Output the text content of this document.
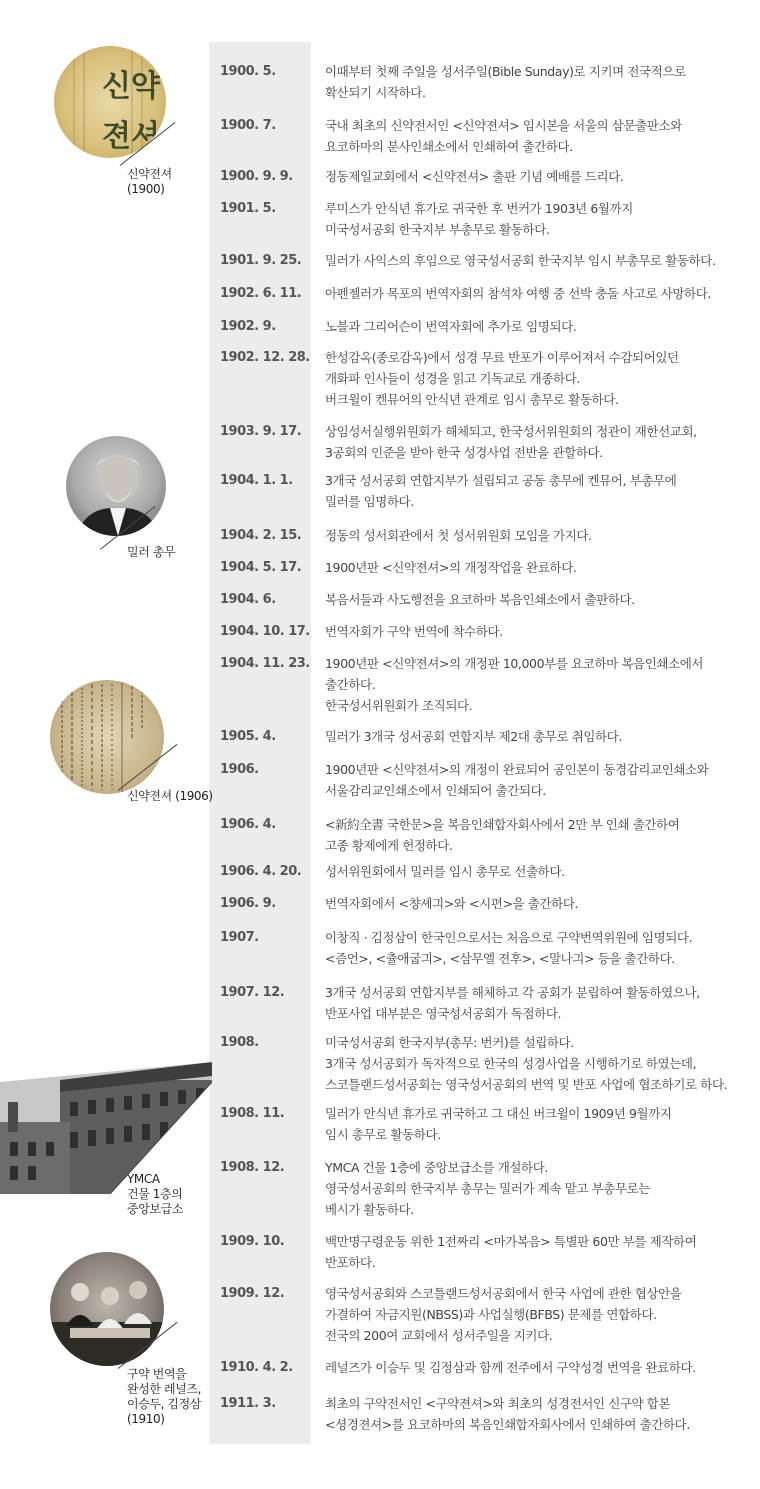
1900. 5.	이때부터 첫째 주일을 성서주일(Bible Sunday)로 지키며 전국적으로
확산되기 시작하다.
1900. 7.	국내 최초의 신약전서인 <신약젼셔> 임시본을 서울의 삼문출판소와
요코하마의 분사인쇄소에서 인쇄하여 출간하다.
1900. 9. 9.	정동제일교회에서 <신약젼셔> 출판 기념 예배를 드리다.
1901. 5.	루미스가 안식년 휴가로 귀국한 후 번커가 1903년 6월까지
미국성서공회 한국지부 부총무로 활동하다.
1901. 9. 25. 밀러가 사익스의 후임으로 영국성서공회 한국지부 임시 부총무로 활동하다.
1902. 6. 11. 아펜젤러가 목포의 번역자회의 참석차 여행 중 선박 충돌 사고로 사망하다.
1902. 9.	노블과 그리어슨이 번역자회에 추가로 임명되다.
1902. 12. 28. 한성감옥(종로감옥)에서 성경 무료 반포가 이루어져서 수감되어있던
개화파 인사들이 성경을 읽고 기독교로 개종하다.
버크윌이 켄뮤어의 안식년 관계로 임시 총무로 활동하다.
1903. 9. 17. 상임성서실행위원회가 해체되고, 한국성서위원회의 정관이 재한선교회,
3공회의 인준을 받아 한국 성경사업 전반을 관할하다.
1904. 1. 1.	3개국 성서공회 연합지부가 설립되고 공동 총무에 켄뮤어, 부총무에
밀러를 임명하다.
1904. 2. 15. 정동의 성서회관에서 첫 성서위원회 모임을 가지다.
1904. 5. 17. 1900년판 <신약젼셔>의 개정작업을 완료하다.
1904. 6.	복음서들과 사도행전을 요코하마 복음인쇄소에서 출판하다.
1904. 10. 17. 번역자회가 구약 번역에 착수하다.
1904. 11. 23. 1900년판 <신약젼셔>의 개정판 10,000부를 요코하마 복음인쇄소에서
출간하다.
한국성서위원회가 조직되다.
1905. 4.	밀러가 3개국 성서공회 연합지부 제2대 총무로 취임하다.
1906.	1900년판 <신약젼셔>의 개정이 완료되어 공인본이 동경감리교인쇄소와
서울감리교인쇄소에서 인쇄되어 출간되다.
1906. 4.	<新約全書 국한문>을 복음인쇄합자회사에서 2만 부 인쇄 출간하여
고종 황제에게 헌정하다.
1906. 4. 20. 성서위원회에서 밀러를 임시 총무로 선출하다.
1906. 9.	번역자회에서 <챵셰긔>와 <시편>을 출간하다.
1907.	이창직 · 김정삼이 한국인으로서는 처음으로 구약번역위원에 임명되다.
<즘언>, <츌애굽긔>, <삼무엘 젼후>, <말나긔> 등을 출간하다.
1907. 12.	3개국 성서공회 연합지부를 해체하고 각 공회가 분립하여 활동하였으나,
반포사업 대부분은 영국성서공회가 독점하다.
1908.	미국성서공회 한국지부(총무: 번커)를 설립하다.
3개국 성서공회가 독자적으로 한국의 성경사업을 시행하기로 하였는데,
스코틀랜드성서공회는 영국성서공회의 번역 및 반포 사업에 협조하기로 하다.
1908. 11.	밀러가 안식년 휴가로 귀국하고 그 대신 버크윌이 1909년 9월까지
임시 총무로 활동하다.
1908. 12.	YMCA 건물 1층에 중앙보급소를 개설하다.
영국성서공회의 한국지부 총무는 밀러가 계속 맡고 부총무로는
베시가 활동하다.
1909. 10.	백만명구령운동 위한 1전짜리 <마가복음> 특별판 60만 부를 제작하여
반포하다.
1909. 12.	영국성서공회와 스코틀랜드성서공회에서 한국 사업에 관한 협상안을
가결하여 자금지원(NBSS)과 사업실행(BFBS) 문제를 연합하다.
전국의 200여 교회에서 성서주일을 지키다.
1910. 4. 2.	레널즈가 이승두 및 김정삼과 함께 전주에서 구약성경 번역을 완료하다.
1911. 3.	최초의 구약전서인 <구약젼셔>와 최초의 성경전서인 신구약 합본
<셩경젼셔>를 요코하마의 복음인쇄합자회사에서 인쇄하여 출간하다.
신약
젼셔
신약젼셔
(1900)
밀러 총무
신약젼셔 (1906)
YMCA
건물 1층의
중앙보급소
구약 번역을
완성한 레널즈,
이승두, 김정삼
(1910)
